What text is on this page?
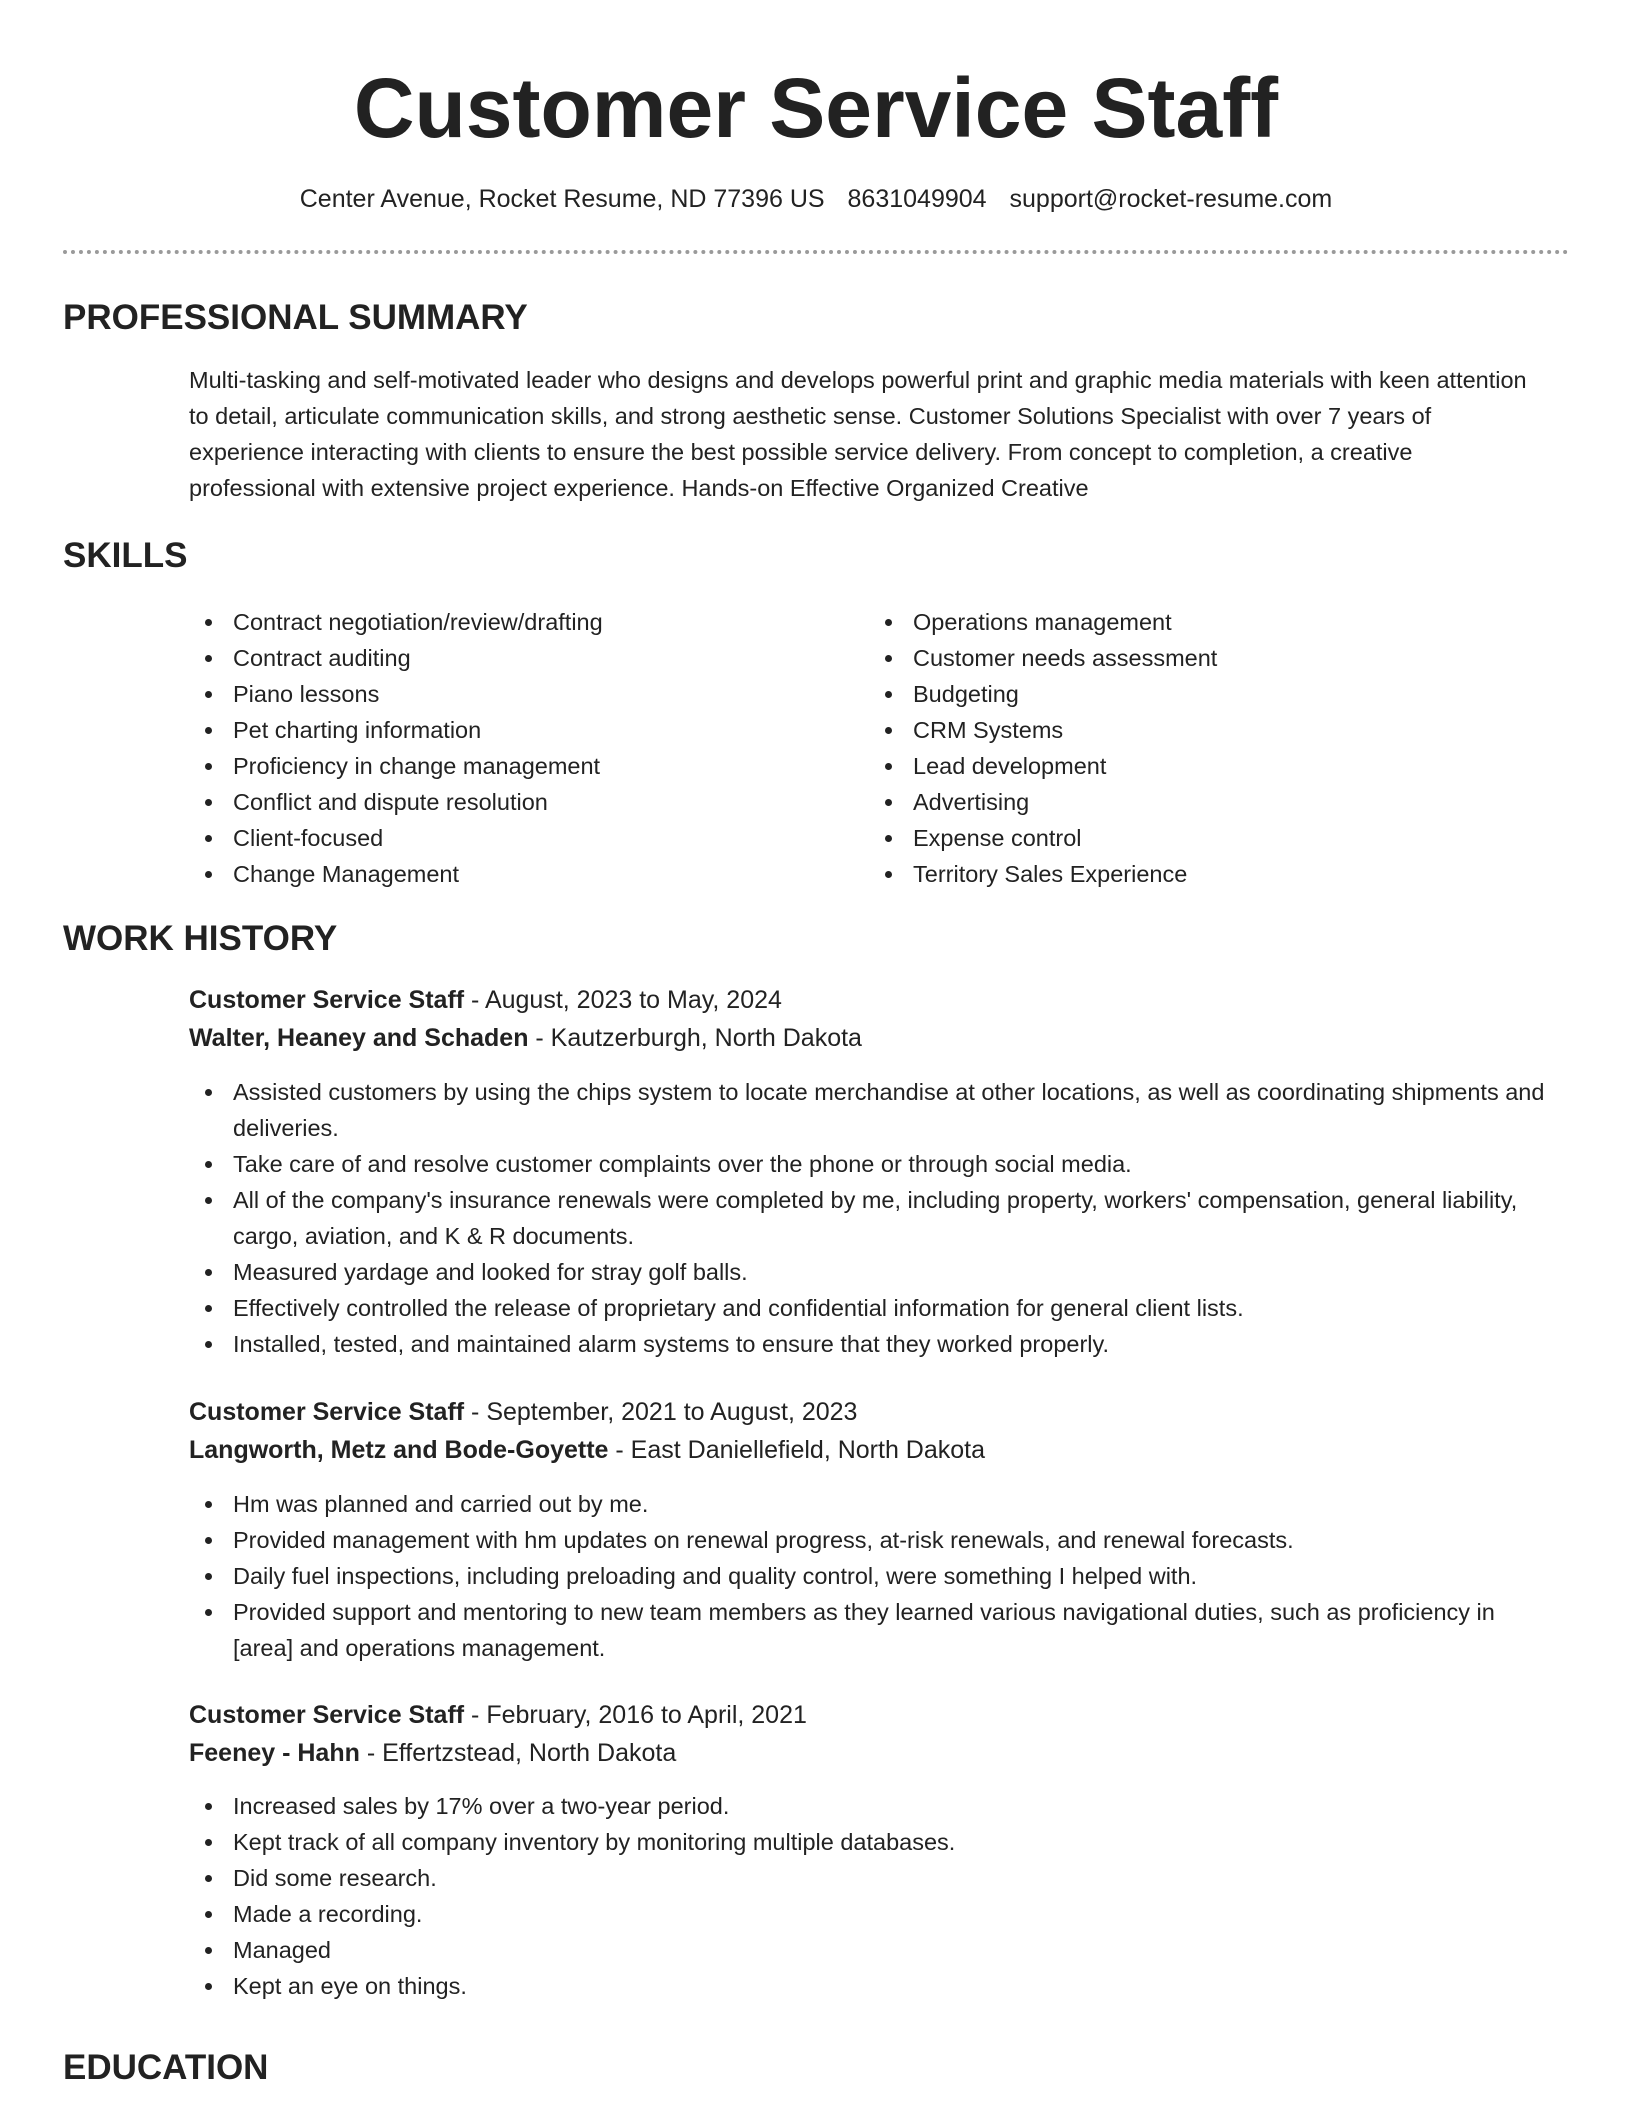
Customer Service Staff
Center Avenue, Rocket Resume, ND 77396 US 8631049904 support@rocket-resume.com
PROFESSIONAL SUMMARY

Multi-tasking and self-motivated leader who designs and develops powerful print and graphic media materials with keen attention to detail, articulate communication skills, and strong aesthetic sense. Customer Solutions Specialist with over 7 years of experience interacting with clients to ensure the best possible service delivery. From concept to completion, a creative professional with extensive project experience. Hands-on Effective Organized Creative

SKILLS
Contract negotiation/review/drafting
Contract auditing
Piano lessons
Pet charting information
Proficiency in change management
Conflict and dispute resolution
Client-focused
Change Management
Operations management
Customer needs assessment
Budgeting
CRM Systems
Lead development
Advertising
Expense control
Territory Sales Experience
WORK HISTORY
Customer Service Staff - August, 2023 to May, 2024
Walter, Heaney and Schaden - Kautzerburgh, North Dakota
Assisted customers by using the chips system to locate merchandise at other locations, as well as coordinating shipments and deliveries.
Take care of and resolve customer complaints over the phone or through social media.
All of the company's insurance renewals were completed by me, including property, workers' compensation, general liability, cargo, aviation, and K & R documents.
Measured yardage and looked for stray golf balls.
Effectively controlled the release of proprietary and confidential information for general client lists.
Installed, tested, and maintained alarm systems to ensure that they worked properly.
Customer Service Staff - September, 2021 to August, 2023
Langworth, Metz and Bode-Goyette - East Daniellefield, North Dakota
Hm was planned and carried out by me.
Provided management with hm updates on renewal progress, at-risk renewals, and renewal forecasts.
Daily fuel inspections, including preloading and quality control, were something I helped with.
Provided support and mentoring to new team members as they learned various navigational duties, such as proficiency in [area] and operations management.
Customer Service Staff - February, 2016 to April, 2021
Feeney - Hahn - Effertzstead, North Dakota
Increased sales by 17% over a two-year period.
Kept track of all company inventory by monitoring multiple databases.
Did some research.
Made a recording.
Managed
Kept an eye on things.
EDUCATION
